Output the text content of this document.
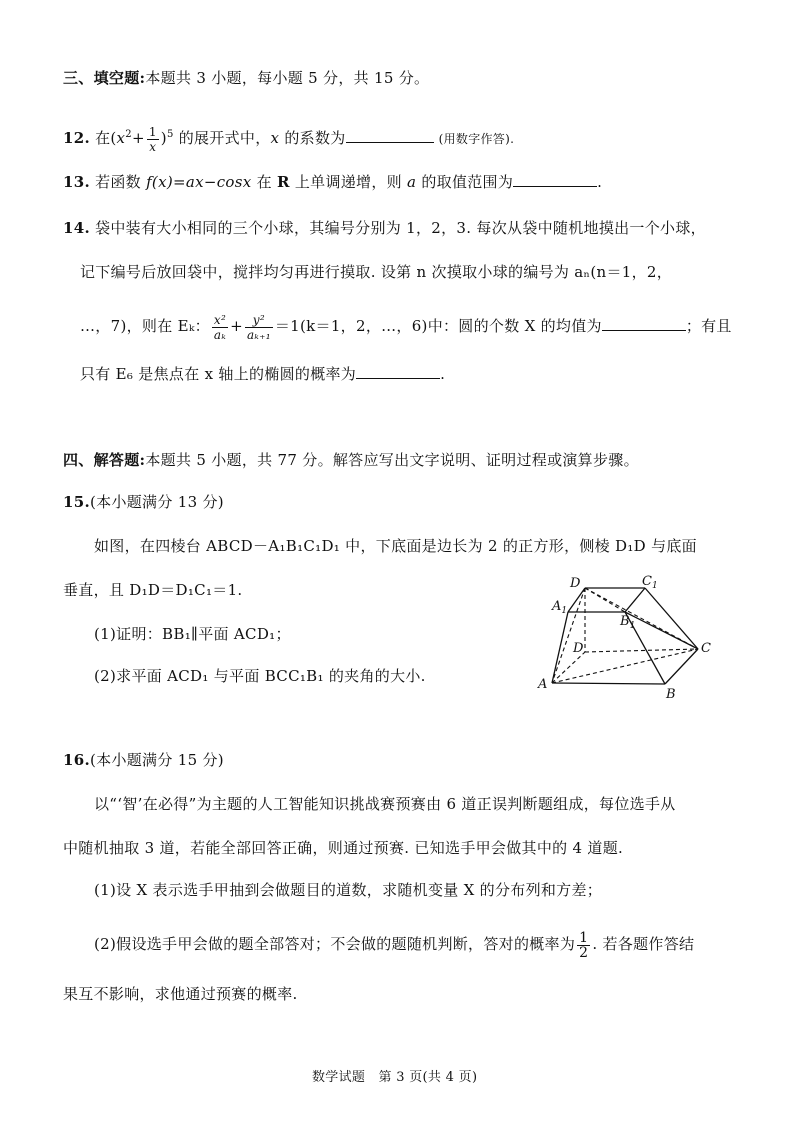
三、填空题:本题共 3 小题，每小题 5 分，共 15 分。
12. 在$(x^2+ \frac{1}{x} )^5$ 的展开式中，x 的系数为	(用数字作答).
13. 若函数 f(x)=ax−cosx 在 R 上单调递增，则 a 的取值范围为	.
14. 袋中装有大小相同的三个小球，其编号分别为 1，2，3. 每次从袋中随机地摸出一个小球，
记下编号后放回袋中，搅拌均匀再进行摸取. 设第 n 次摸取小球的编号为 aₙ(n＝1，2，
…，7)，则在 Eₖ： $\frac{\text{x²}}{\text{aₖ}} + \frac{\text{y²}}{\text{aₖ₊₁}} =1(k=1$，2，…，6)中：圆的个数 X 的均值为	；有且
只有 E₆ 是焦点在 x 轴上的椭圆的概率为	.
四、解答题:本题共 5 小题，共 77 分。解答应写出文字说明、证明过程或演算步骤。
15.(本小题满分 13 分)
如图，在四棱台 ABCD－A₁B₁C₁D₁ 中，下底面是边长为 2 的正方形，侧棱 D₁D 与底面
垂直，且 D₁D＝D₁C₁＝1.
(1)证明：BB₁∥平面 ACD₁；
(2)求平面 ACD₁ 与平面 BCC₁B₁ 的夹角的大小.
D	$C_1$
$A_1$
$B_1$
D	C
A
B
16.(本小题满分 15 分)
以“‘智’在必得”为主题的人工智能知识挑战赛预赛由 6 道正误判断题组成，每位选手从
中随机抽取 3 道，若能全部回答正确，则通过预赛. 已知选手甲会做其中的 4 道题.
(1)设 X 表示选手甲抽到会做题目的道数，求随机变量 X 的分布列和方差；
(2)假设选手甲会做的题全部答对；不会做的题随机判断，答对的概率为 $\frac{1}{2}$ . 若各题作答结
果互不影响，求他通过预赛的概率.
数学试题　第 3 页(共 4 页)
